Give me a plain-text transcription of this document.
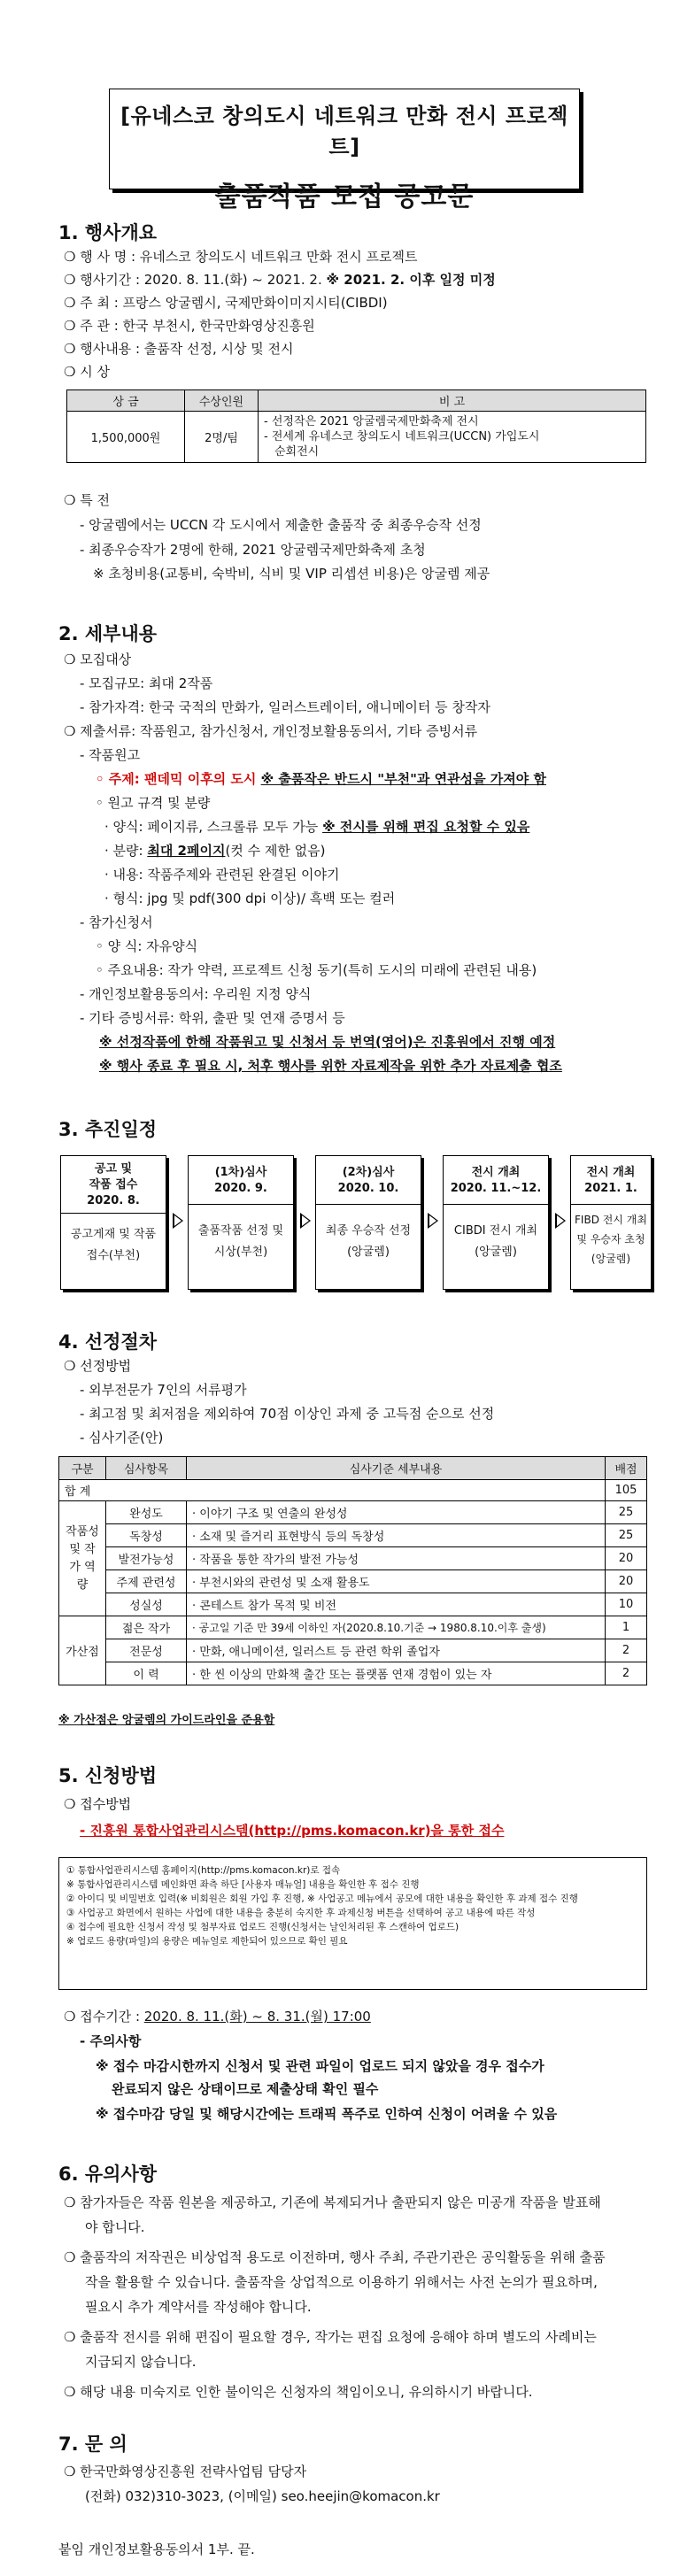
[유네스코 창의도시 네트워크 만화 전시 프로젝트]
출품작품 모집 공고문
1. 행사개요
❍ 행 사 명 : 유네스코 창의도시 네트워크 만화 전시 프로젝트
❍ 행사기간 : 2020. 8. 11.(화) ~ 2021. 2. ※ 2021. 2. 이후 일정 미정
❍ 주 최 : 프랑스 앙굴렘시, 국제만화이미지시티(CIBDI)
❍ 주 관 : 한국 부천시, 한국만화영상진흥원
❍ 행사내용 : 출품작 선정, 시상 및 전시
❍ 시 상
상 금	수상인원	비 고
1,500,000원	2명/팀	- 선정작은 2021 앙굴렘국제만화축제 전시
- 전세계 유네스코 창의도시 네트워크(UCCN) 가입도시
순회전시
❍ 특 전
- 앙굴렘에서는 UCCN 각 도시에서 제출한 출품작 중 최종우승작 선정
- 최종우승작가 2명에 한해, 2021 앙굴렘국제만화축제 초청
※ 초청비용(교통비, 숙박비, 식비 및 VIP 리셉션 비용)은 앙굴렘 제공
2. 세부내용
❍ 모집대상
- 모집규모: 최대 2작품
- 참가자격: 한국 국적의 만화가, 일러스트레이터, 애니메이터 등 창작자
❍ 제출서류: 작품원고, 참가신청서, 개인정보활용동의서, 기타 증빙서류
- 작품원고
◦ 주제: 팬데믹 이후의 도시 ※ 출품작은 반드시 "부천"과 연관성을 가져야 함
◦ 원고 규격 및 분량
· 양식: 페이지류, 스크롤류 모두 가능 ※ 전시를 위해 편집 요청할 수 있음
· 분량: 최대 2페이지(컷 수 제한 없음)
· 내용: 작품주제와 관련된 완결된 이야기
· 형식: jpg 및 pdf(300 dpi 이상)/ 흑백 또는 컬러
- 참가신청서
◦ 양 식: 자유양식
◦ 주요내용: 작가 약력, 프로젝트 신청 동기(특히 도시의 미래에 관련된 내용)
- 개인정보활용동의서: 우리원 지정 양식
- 기타 증빙서류: 학위, 출판 및 연재 증명서 등
※ 선정작품에 한해 작품원고 및 신청서 등 번역(영어)은 진흥원에서 진행 예정
※ 행사 종료 후 필요 시, 처후 행사를 위한 자료제작을 위한 추가 자료제출 협조
3. 추진일정
공고 및
작품 접수
2020. 8.
공고게재 및 작품
접수(부천)
(1차)심사
2020. 9.
출품작품 선정 및
시상(부천)
(2차)심사
2020. 10.
최종 우승작 선정
(앙굴렘)
전시 개최
2020. 11.~12.
CIBDI 전시 개최
(앙굴렘)
전시 개최
2021. 1.
FIBD 전시 개최
및 우승자 초청
(앙굴렘)
4. 선정절차
❍ 선정방법
- 외부전문가 7인의 서류평가
- 최고점 및 최저점을 제외하여 70점 이상인 과제 중 고득점 순으로 선정
- 심사기준(안)
구분	심사항목	심사기준 세부내용	배점
합 계			105
작품성 및 작가 역량	완성도	· 이야기 구조 및 연출의 완성성	25
	독창성	· 소재 및 즐거리 표현방식 등의 독창성	25
	발전가능성	· 작품을 통한 작가의 발전 가능성	20
	주제 관련성	· 부천시와의 관련성 및 소재 활용도	20
	성실성	· 콘테스트 참가 목적 및 비전	10
가산점	젊은 작가	· 공고일 기준 만 39세 이하인 자(2020.8.10.기준 → 1980.8.10.이후 출생)	1
	전문성	· 만화, 애니메이션, 일러스트 등 관련 학위 졸업자	2
	이 력	· 한 씬 이상의 만화책 출간 또는 플랫폼 연재 경험이 있는 자	2
※ 가산점은 앙굴렘의 가이드라인을 준용함
5. 신청방법
❍ 접수방법
- 진흥원 통합사업관리시스템(http://pms.komacon.kr)을 통한 접수
① 통합사업관리시스템 홈페이지(http://pms.komacon.kr)로 접속
※ 통합사업관리시스템 메인화면 좌측 하단 [사용자 매뉴얼] 내용을 확인한 후 접수 진행
② 아이디 및 비밀번호 입력(※ 비회원은 회원 가입 후 진행, ※ 사업공고 메뉴에서 공모에 대한 내용을 확인한 후 과제 접수 진행
③ 사업공고 화면에서 원하는 사업에 대한 내용을 충분히 숙지한 후 과제신청 버튼을 선택하여 공고 내용에 따른 작성
④ 접수에 필요한 신청서 작성 및 첨부자료 업로드 진행(신청서는 날인처리된 후 스캔하여 업로드)
※ 업로드 용량(파일)의 용량은 메뉴얼로 제한되어 있으므로 확인 필요
❍ 접수기간 : 2020. 8. 11.(화) ~ 8. 31.(월) 17:00
- 주의사항
※ 접수 마감시한까지 신청서 및 관련 파일이 업로드 되지 않았을 경우 접수가
완료되지 않은 상태이므로 제출상태 확인 필수
※ 접수마감 당일 및 해당시간에는 트래픽 폭주로 인하여 신청이 어려울 수 있음
6. 유의사항
❍ 참가자들은 작품 원본을 제공하고, 기존에 복제되거나 출판되지 않은 미공개 작품을 발표해
야 합니다.
❍ 출품작의 저작권은 비상업적 용도로 이전하며, 행사 주최, 주관기관은 공익활동을 위해 출품
작을 활용할 수 있습니다. 출품작을 상업적으로 이용하기 위해서는 사전 논의가 필요하며,
필요시 추가 계약서를 작성해야 합니다.
❍ 출품작 전시를 위해 편집이 필요할 경우, 작가는 편집 요청에 응해야 하며 별도의 사례비는
지급되지 않습니다.
❍ 해당 내용 미숙지로 인한 불이익은 신청자의 책임이오니, 유의하시기 바랍니다.
7. 문 의
❍ 한국만화영상진흥원 전략사업팀 담당자
(전화) 032)310-3023, (이메일) seo.heejin@komacon.kr
붙임 개인정보활용동의서 1부. 끝.
